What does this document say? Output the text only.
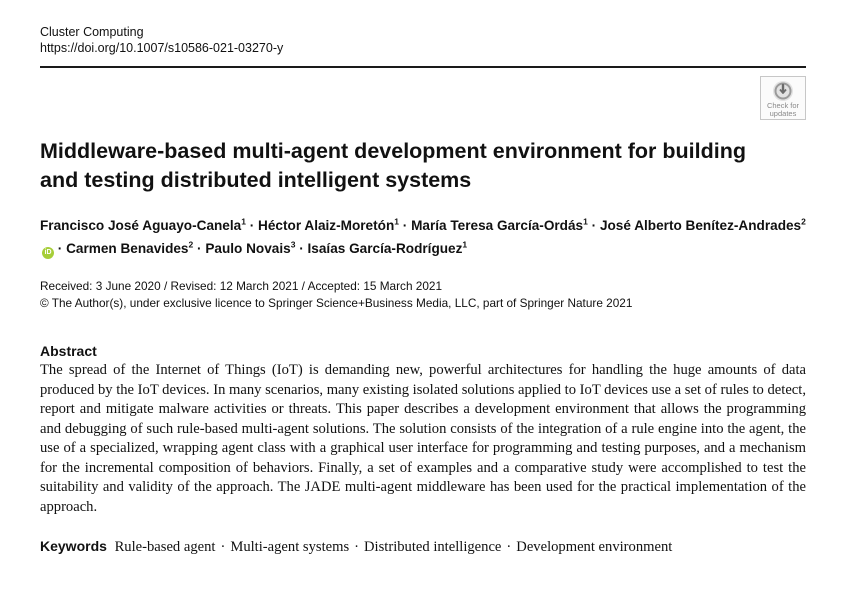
Cluster Computing
https://doi.org/10.1007/s10586-021-03270-y
Check for
updates
Middleware-based multi-agent development environment for building and testing distributed intelligent systems
Francisco José Aguayo-Canela$^1$ · Héctor Alaiz-Moretón$^1$ · María Teresa García-Ordás$^1$ · José Alberto Benítez-Andrades$^2$iD · Carmen Benavides$^2$ · Paulo Novais$^3$ · Isaías García-Rodríguez$^1$
Received: 3 June 2020 / Revised: 12 March 2021 / Accepted: 15 March 2021
© The Author(s), under exclusive licence to Springer Science+Business Media, LLC, part of Springer Nature 2021
Abstract

The spread of the Internet of Things (IoT) is demanding new, powerful architectures for handling the huge amounts of data produced by the IoT devices. In many scenarios, many existing isolated solutions applied to IoT devices use a set of rules to detect, report and mitigate malware activities or threats. This paper describes a development environment that allows the programming and debugging of such rule-based multi-agent solutions. The solution consists of the integration of a rule engine into the agent, the use of a specialized, wrapping agent class with a graphical user interface for programming and testing purposes, and a mechanism for the incremental composition of behaviors. Finally, a set of examples and a comparative study were accomplished to test the suitability and validity of the approach. The JADE multi-agent middleware has been used for the practical implementation of the approach.

Keywords Rule-based agent · Multi-agent systems · Distributed intelligence · Development environment
